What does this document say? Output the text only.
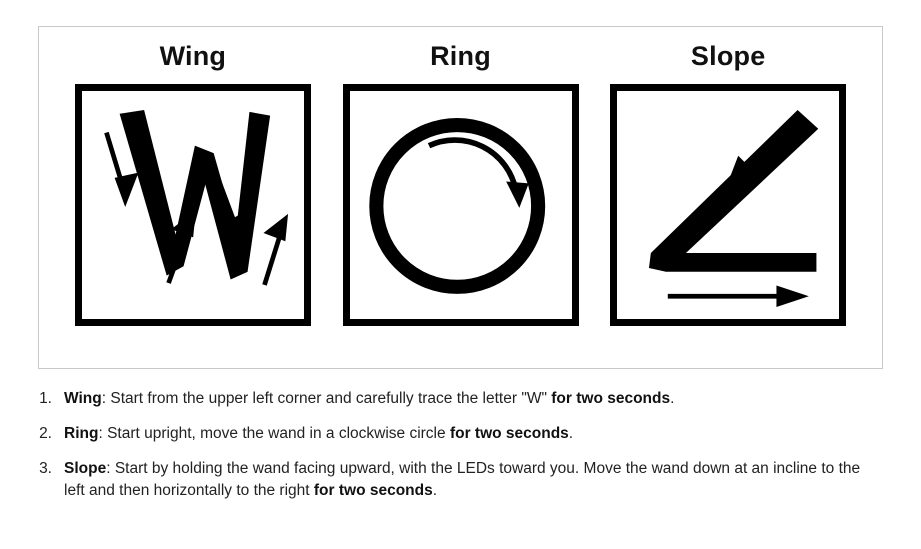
Wing	Ring	Slope
1. Wing: Start from the upper left corner and carefully trace the letter "W" for two seconds.
2. Ring: Start upright, move the wand in a clockwise circle for two seconds.
3. Slope: Start by holding the wand facing upward, with the LEDs toward you. Move the wand down at an incline to the left and then horizontally to the right for two seconds.
